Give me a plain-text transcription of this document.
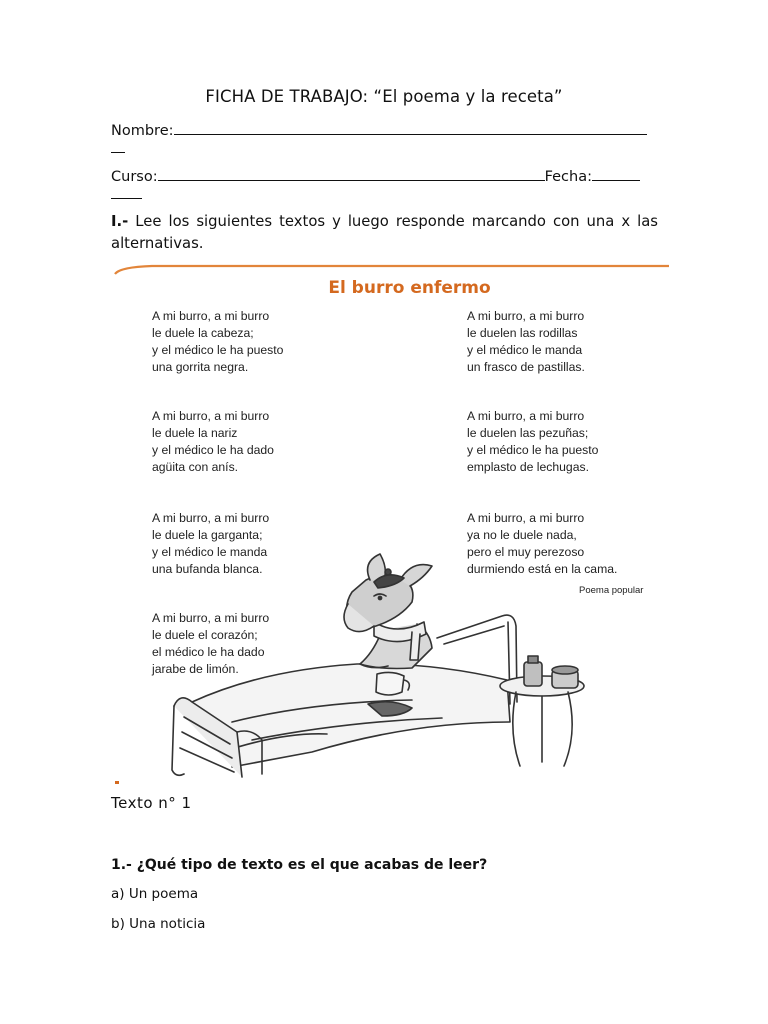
FICHA DE TRABAJO: “El poema y la receta”
Nombre:
Curso:	Fecha:
I.- Lee los siguientes textos y luego responde marcando con una x las alternativas.
El burro enfermo
A mi burro, a mi burro
le duele la cabeza;
y el médico le ha puesto
una gorrita negra.
A mi burro, a mi burro
le duele la nariz
y el médico le ha dado
agüita con anís.
A mi burro, a mi burro
le duele la garganta;
y el médico le manda
una bufanda blanca.
A mi burro, a mi burro
le duele el corazón;
el médico le ha dado
jarabe de limón.
A mi burro, a mi burro
le duelen las rodillas
y el médico le manda
un frasco de pastillas.
A mi burro, a mi burro
le duelen las pezuñas;
y el médico le ha puesto
emplasto de lechugas.
A mi burro, a mi burro
ya no le duele nada,
pero el muy perezoso
durmiendo está en la cama.
Poema popular
Texto n° 1
1.- ¿Qué tipo de texto es el que acabas de leer?
a) Un poema
b) Una noticia
